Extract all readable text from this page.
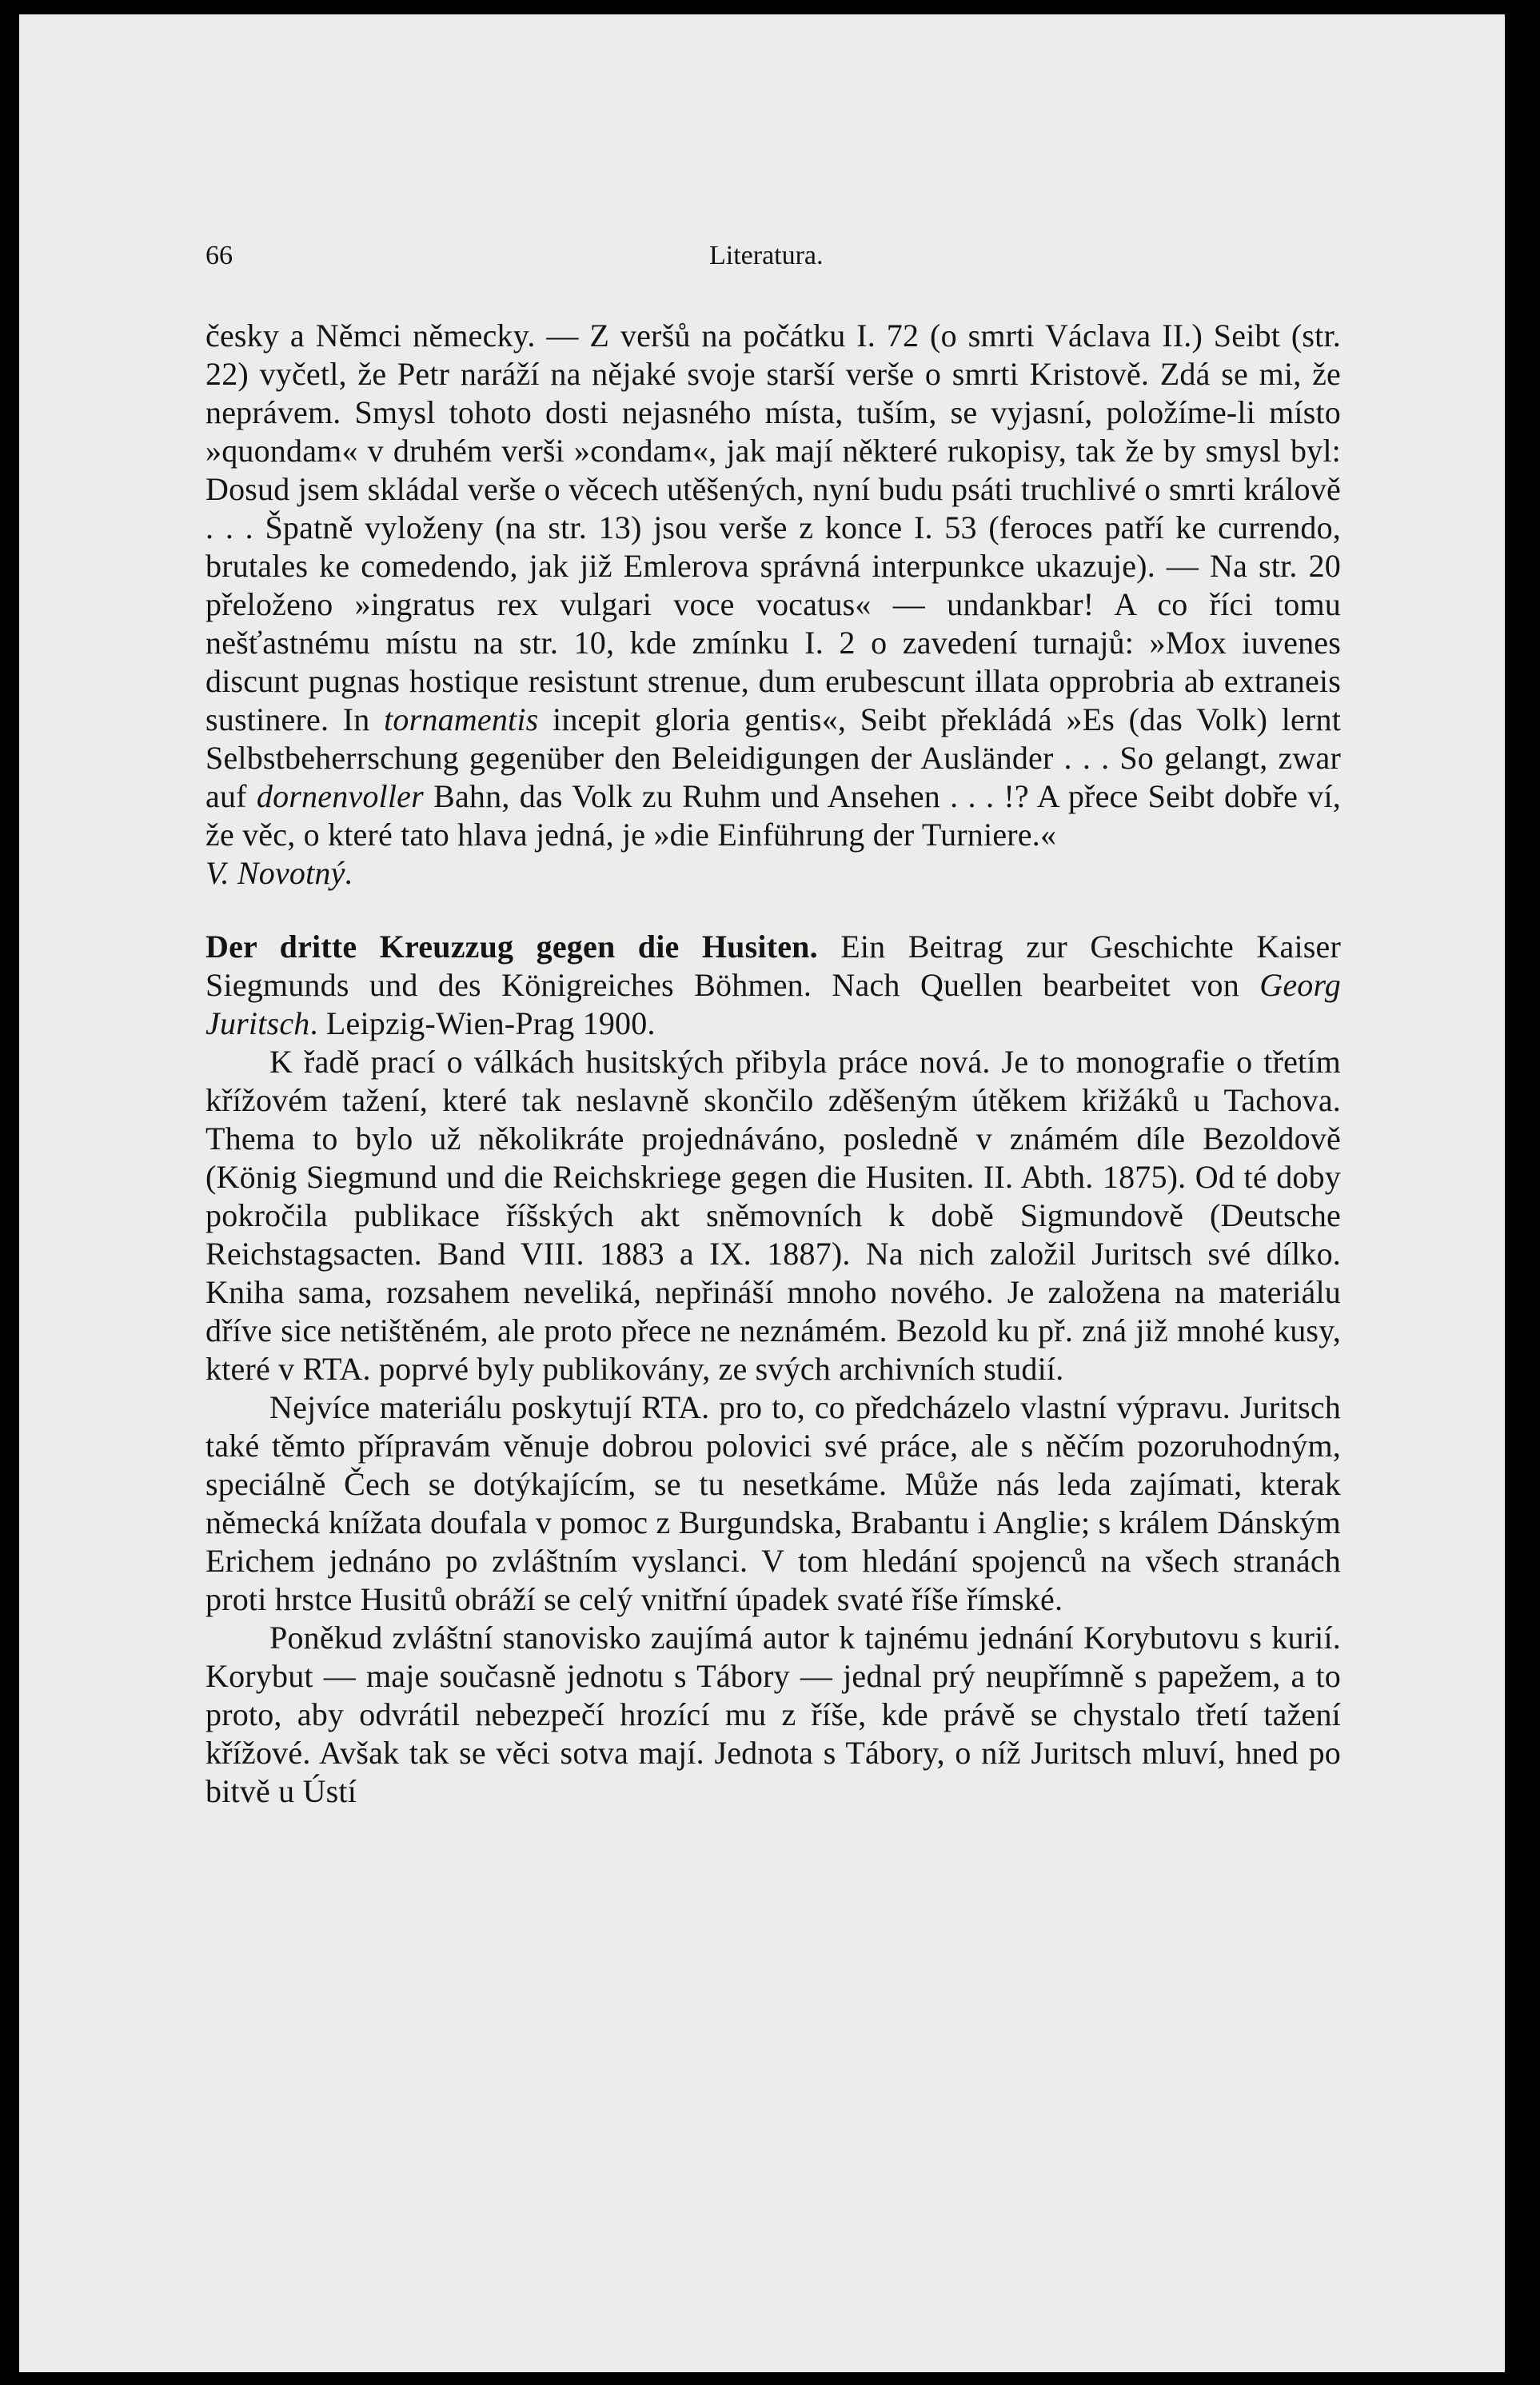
66	Literatura.

česky a Němci německy. — Z veršů na počátku I. 72 (o smrti Václava II.) Seibt (str. 22) vyčetl, že Petr naráží na nějaké svoje starší verše o smrti Kristově. Zdá se mi, že neprávem. Smysl tohoto dosti nejasného místa, tuším, se vyjasní, položíme-li místo »quondam« v druhém verši »condam«, jak mají některé rukopisy, tak že by smysl byl: Dosud jsem skládal verše o věcech utěšených, nyní budu psáti truchlivé o smrti králově . . . Špatně vyloženy (na str. 13) jsou verše z konce I. 53 (feroces patří ke currendo, brutales ke comedendo, jak již Emlerova správná interpunkce ukazuje). — Na str. 20 přeloženo »ingratus rex vulgari voce vocatus« — undankbar! A co říci tomu nešťastnému místu na str. 10, kde zmínku I. 2 o zavedení turnajů: »Mox iuvenes discunt pugnas hostique resistunt strenue, dum erubescunt illata opprobria ab extraneis sustinere. In tornamentis incepit gloria gentis«, Seibt překládá »Es (das Volk) lernt Selbstbeherrschung gegenüber den Beleidigungen der Ausländer . . . So gelangt, zwar auf dornenvoller Bahn, das Volk zu Ruhm und Ansehen . . . !? A přece Seibt dobře ví, že věc, o které tato hlava jedná, je »die Einführung der Turniere.«

V. Novotný.

Der dritte Kreuzzug gegen die Husiten. Ein Beitrag zur Geschichte Kaiser Siegmunds und des Königreiches Böhmen. Nach Quellen bearbeitet von Georg Juritsch. Leipzig-Wien-Prag 1900.

K řadě prací o válkách husitských přibyla práce nová. Je to monografie o třetím křížovém tažení, které tak neslavně skončilo zděšeným útěkem křižáků u Tachova. Thema to bylo už několikráte projednáváno, posledně v známém díle Bezoldově (König Siegmund und die Reichskriege gegen die Husiten. II. Abth. 1875). Od té doby pokročila publikace říšských akt sněmovních k době Sigmundově (Deutsche Reichstagsacten. Band VIII. 1883 a IX. 1887). Na nich založil Juritsch své dílko. Kniha sama, rozsahem neveliká, nepřináší mnoho nového. Je založena na materiálu dříve sice netištěném, ale proto přece ne neznámém. Bezold ku př. zná již mnohé kusy, které v RTA. poprvé byly publikovány, ze svých archivních studií.

Nejvíce materiálu poskytují RTA. pro to, co předcházelo vlastní výpravu. Juritsch také těmto přípravám věnuje dobrou polovici své práce, ale s něčím pozoruhodným, speciálně Čech se dotýkajícím, se tu nesetkáme. Může nás leda zajímati, kterak německá knížata doufala v pomoc z Burgundska, Brabantu i Anglie; s králem Dánským Erichem jednáno po zvláštním vyslanci. V tom hledání spojenců na všech stranách proti hrstce Husitů obráží se celý vnitřní úpadek svaté říše římské.

Poněkud zvláštní stanovisko zaujímá autor k tajnému jednání Korybutovu s kurií. Korybut — maje současně jednotu s Tábory — jednal prý neupřímně s papežem, a to proto, aby odvrátil nebezpečí hrozící mu z říše, kde právě se chystalo třetí tažení křížové. Avšak tak se věci sotva mají. Jednota s Tábory, o níž Juritsch mluví, hned po bitvě u Ústí
